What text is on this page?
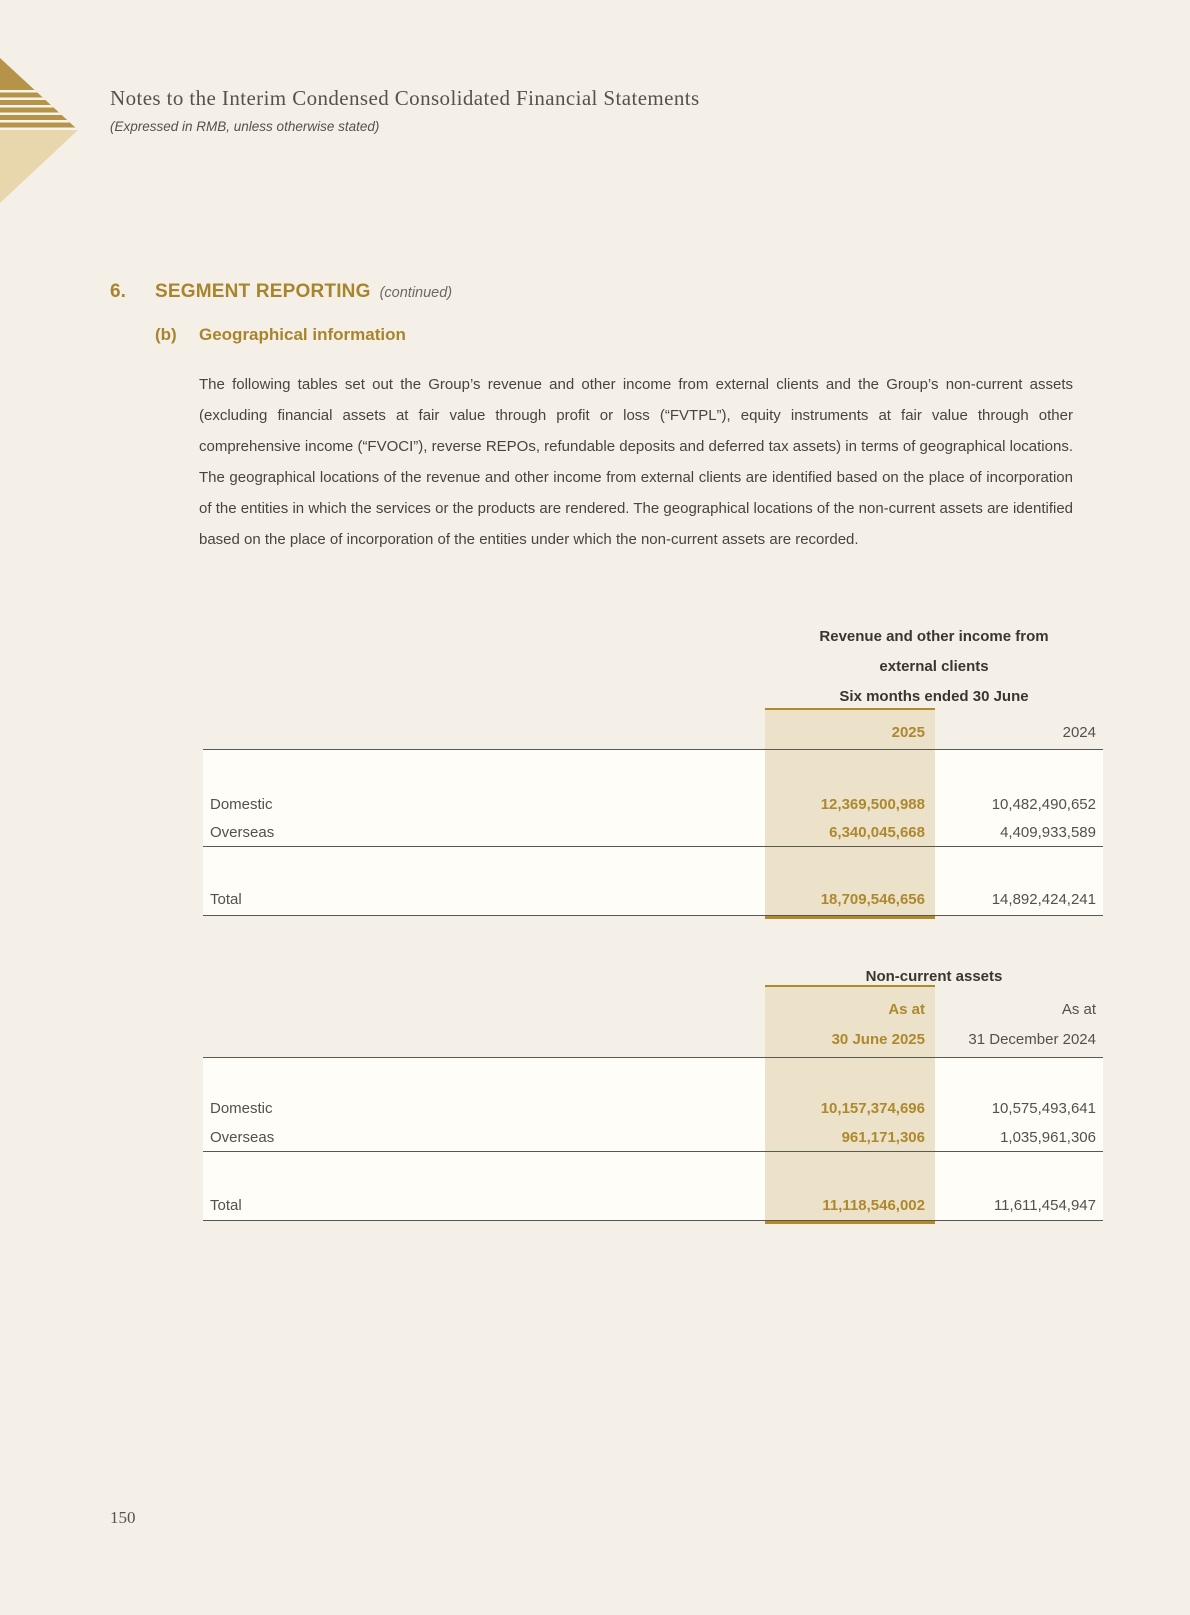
Notes to the Interim Condensed Consolidated Financial Statements
(Expressed in RMB, unless otherwise stated)
6. SEGMENT REPORTING (continued)
(b) Geographical information
The following tables set out the Group’s revenue and other income from external clients and the Group’s non-current assets (excluding financial assets at fair value through profit or loss (“FVTPL”), equity instruments at fair value through other comprehensive income (“FVOCI”), reverse REPOs, refundable deposits and deferred tax assets) in terms of geographical locations. The geographical locations of the revenue and other income from external clients are identified based on the place of incorporation of the entities in which the services or the products are rendered. The geographical locations of the non-current assets are identified based on the place of incorporation of the entities under which the non-current assets are recorded.
Revenue and other income from
external clients
Six months ended 30 June
2025	2024
Domestic	12,369,500,988	10,482,490,652
Overseas	6,340,045,668	4,409,933,589
Total	18,709,546,656	14,892,424,241
Non-current assets
As at	As at
30 June 2025	31 December 2024
Domestic	10,157,374,696	10,575,493,641
Overseas	961,171,306	1,035,961,306
Total	11,118,546,002	11,611,454,947
150
